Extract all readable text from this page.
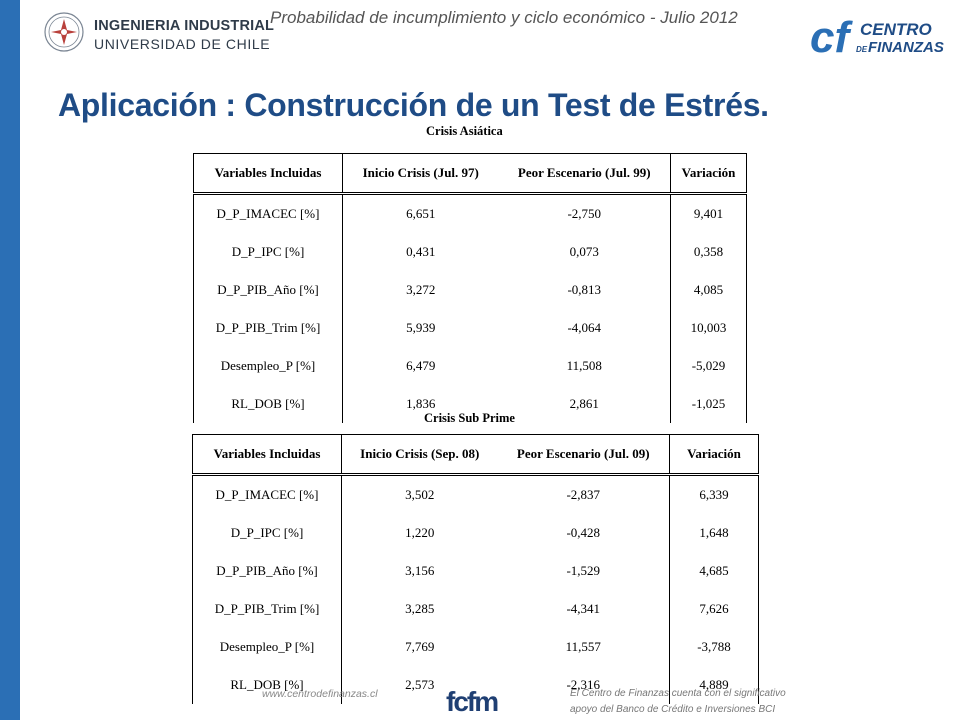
INGENIERIA INDUSTRIAL
UNIVERSIDAD DE CHILE
Probabilidad de incumplimiento y ciclo económico - Julio 2012 cf CENTRO
DE FINANZAS
Aplicación : Construcción de un Test de Estrés.
Crisis Asiática
Variables Incluidas	Inicio Crisis (Jul. 97)	Peor Escenario (Jul. 99)	Variación
D_P_IMACEC [%]	6,651	-2,750	9,401
D_P_IPC [%]	0,431	0,073	0,358
D_P_PIB_Año [%]	3,272	-0,813	4,085
D_P_PIB_Trim [%]	5,939	-4,064	10,003
Desempleo_P [%]	6,479	11,508	-5,029
RL_DOB [%]	1,836	2,861	-1,025
Crisis Sub Prime
Variables Incluidas	Inicio Crisis (Sep. 08)	Peor Escenario (Jul. 09)	Variación
D_P_IMACEC [%]	3,502	-2,837	6,339
D_P_IPC [%]	1,220	-0,428	1,648
D_P_PIB_Año [%]	3,156	-1,529	4,685
D_P_PIB_Trim [%]	3,285	-4,341	7,626
Desempleo_P [%]	7,769	11,557	-3,788
RL_DOB [%]	2,573	-2,316	4,889
www.centrodefinanzas.cl fcfm	El Centro de Finanzas cuenta con el significativo
apoyo del Banco de Crédito e Inversiones BCI
